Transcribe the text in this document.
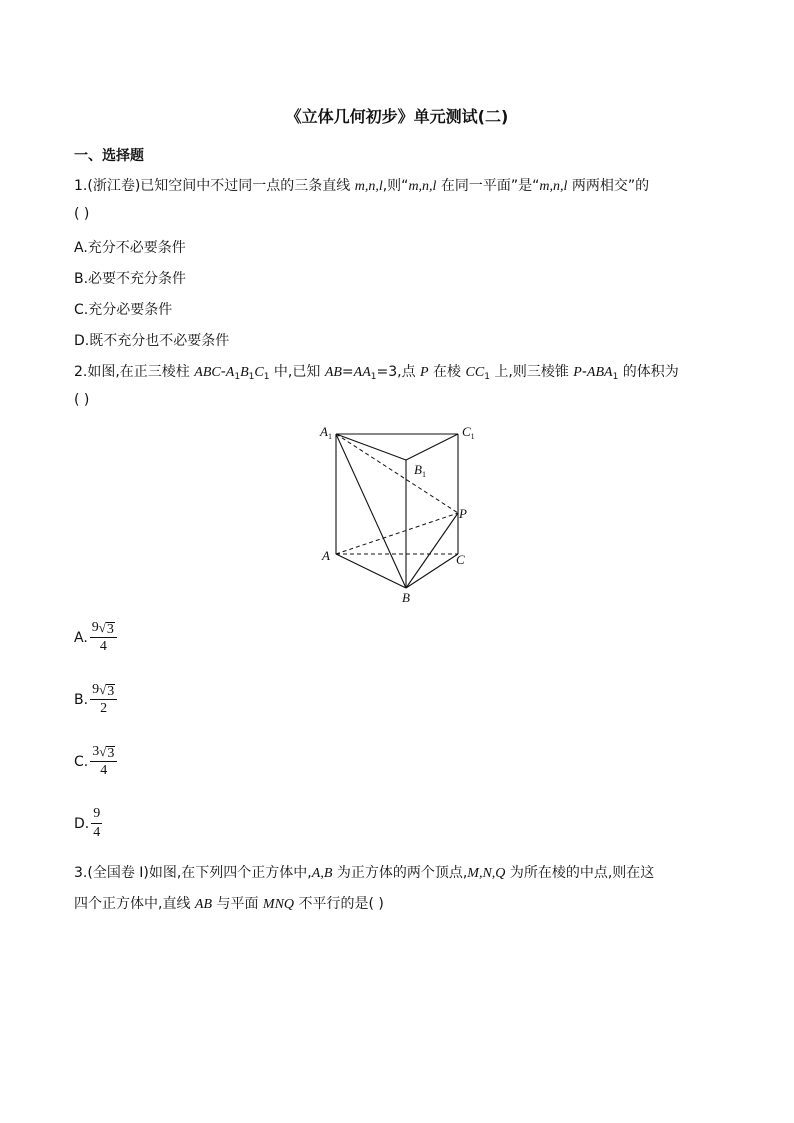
《立体几何初步》单元测试(二)
一、选择题
1.(浙江卷)已知空间中不过同一点的三条直线 m,n,l,则“m,n,l 在同一平面”是“m,n,l 两两相交”的
( )
A.充分不必要条件
B.必要不充分条件
C.充分必要条件
D.既不充分也不必要条件
2.如图,在正三棱柱 ABC-$A_1B_1C_1$ 中,已知 $AB=AA_1=3$,点 P 在棱 $CC_1$ 上,则三棱锥 $P-ABA_1$ 的体积为
( )
$A_1$	$C_1$
$B_1$
P
A	C
B
A. $\frac{9 √ 3}{4}$
B. $\frac{9 √ 3}{2}$
C. $\frac{3 √ 3}{4}$
D. $\frac{9}{4}$
3.(全国卷 I)如图,在下列四个正方体中,A,B 为正方体的两个顶点,M,N,Q 为所在棱的中点,则在这
四个正方体中,直线 AB 与平面 MNQ 不平行的是( )
